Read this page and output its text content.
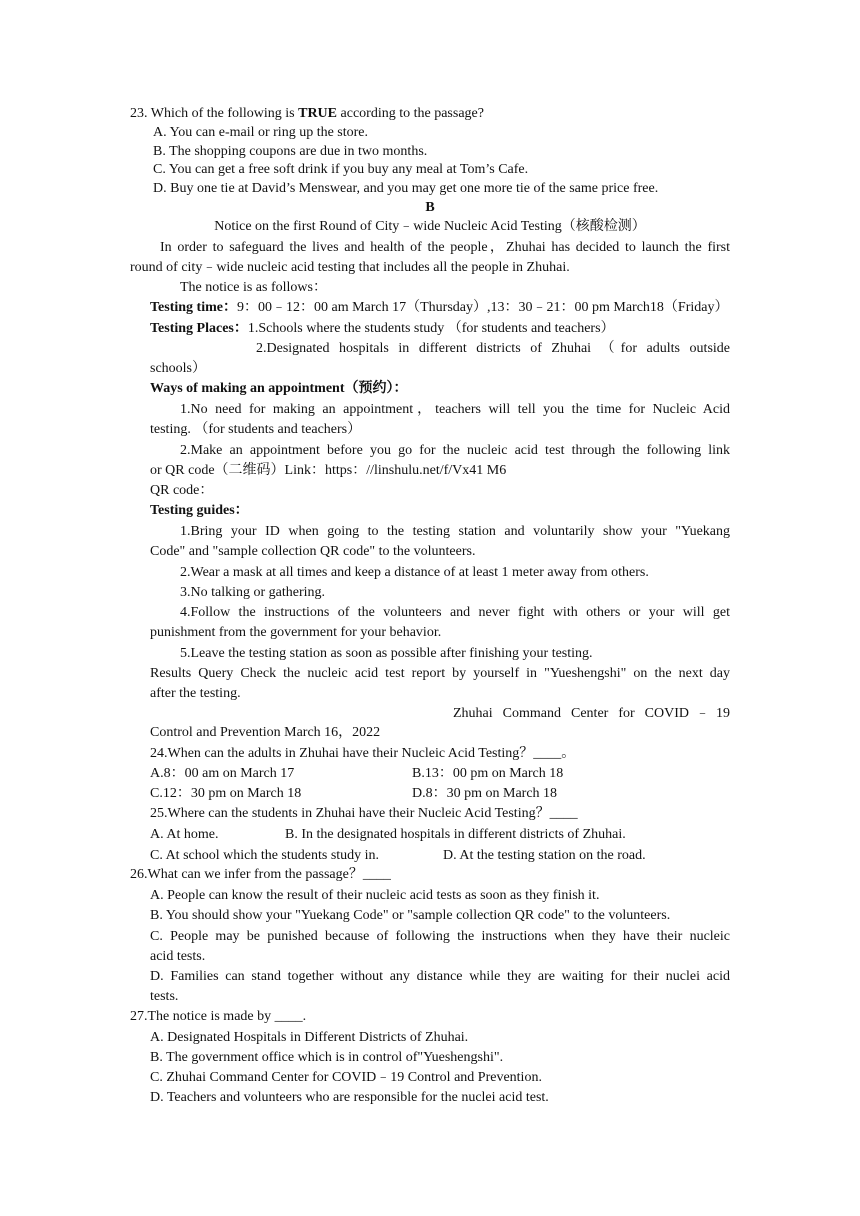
23. Which of the following is TRUE according to the passage?
A. You can e-mail or ring up the store.
B. The shopping coupons are due in two months.
C. You can get a free soft drink if you buy any meal at Tom’s Cafe.
D. Buy one tie at David’s Menswear, and you may get one more tie of the same price free.
B
Notice on the first Round of City﹣wide Nucleic Acid Testing（核酸检测）
In order to safeguard the lives and health of the people，Zhuhai has decided to launch the first
round of city﹣wide nucleic acid testing that includes all the people in Zhuhai.
The notice is as follows：
Testing time：9：00﹣12：00 am March 17（Thursday）,13：30﹣21：00 pm March18（Friday）
Testing Places：1.Schools where the students study （for students and teachers）
2.Designated hospitals in different districts of Zhuhai （for adults outside
schools）
Ways of making an appointment（预约）：
1.No need for making an appointment，teachers will tell you the time for Nucleic Acid
testing. （for students and teachers）
2.Make an appointment before you go for the nucleic acid test through the following link
or QR code（二维码）Link：https：//linshulu.net/f/Vx41 M6
QR code：
Testing guides：
1.Bring your ID when going to the testing station and voluntarily show your "Yuekang
Code" and "sample collection QR code" to the volunteers.
2.Wear a mask at all times and keep a distance of at least 1 meter away from others.
3.No talking or gathering.
4.Follow the instructions of the volunteers and never fight with others or your will get
punishment from the government for your behavior.
5.Leave the testing station as soon as possible after finishing your testing.
Results Query Check the nucleic acid test report by yourself in "Yueshengshi" on the next day
after the testing.
Zhuhai Command Center for COVID﹣19
Control and Prevention March 16，2022
24.When can the adults in Zhuhai have their Nucleic Acid Testing？____。
A.8：00 am on March 17	B.13：00 pm on March 18
C.12：30 pm on March 18	D.8：30 pm on March 18
25.Where can the students in Zhuhai have their Nucleic Acid Testing？____
A. At home.	B. In the designated hospitals in different districts of Zhuhai.
C. At school which the students study in.	D. At the testing station on the road.
26.What can we infer from the passage？____
A. People can know the result of their nucleic acid tests as soon as they finish it.
B. You should show your "Yuekang Code" or "sample collection QR code" to the volunteers.
C. People may be punished because of following the instructions when they have their nucleic
acid tests.
D. Families can stand together without any distance while they are waiting for their nuclei acid
tests.
27.The notice is made by ____.
A. Designated Hospitals in Different Districts of Zhuhai.
B. The government office which is in control of"Yueshengshi".
C. Zhuhai Command Center for COVID﹣19 Control and Prevention.
D. Teachers and volunteers who are responsible for the nuclei acid test.
